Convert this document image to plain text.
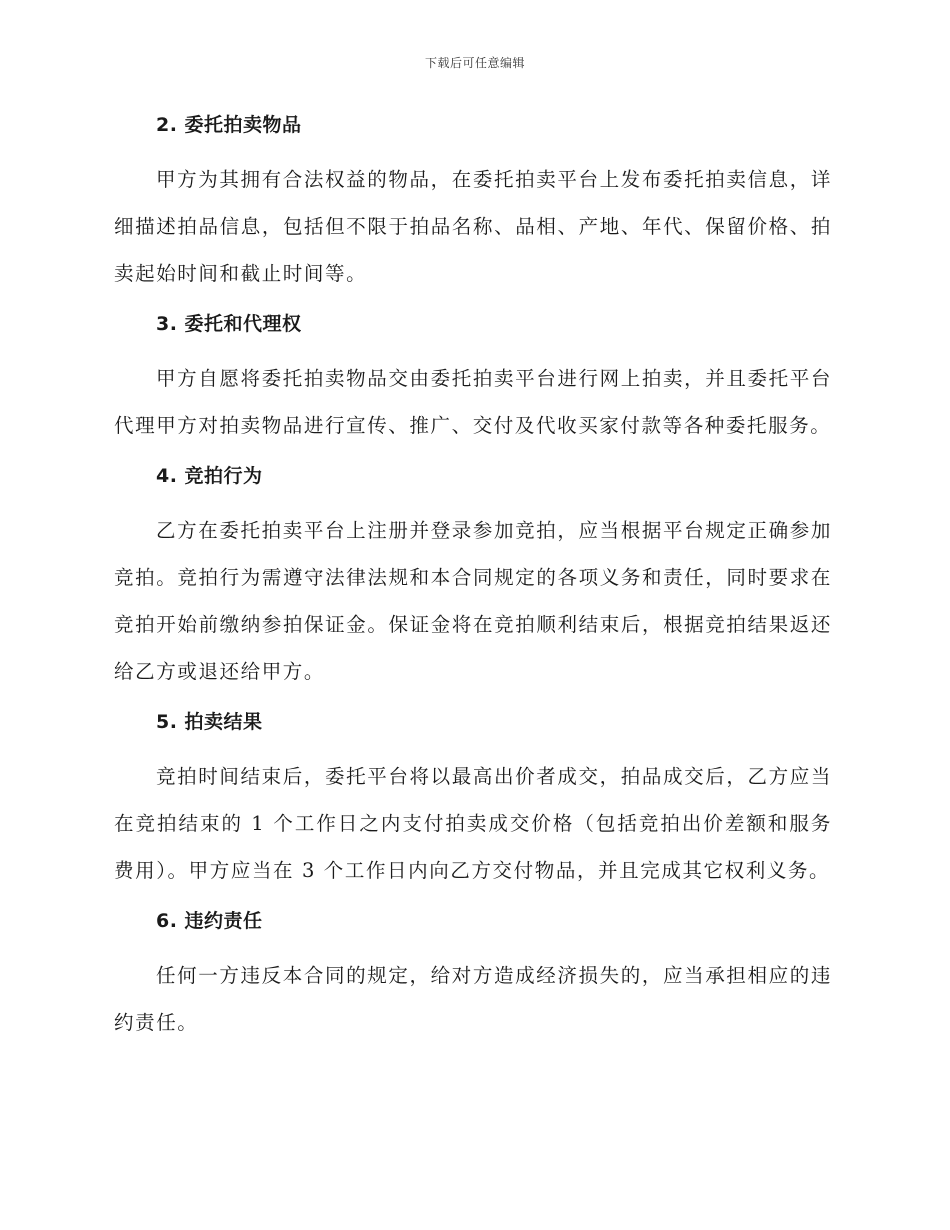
下载后可任意编辑
2. 委托拍卖物品

甲方为其拥有合法权益的物品，在委托拍卖平台上发布委托拍卖信息，详细描述拍品信息，包括但不限于拍品名称、品相、产地、年代、保留价格、拍卖起始时间和截止时间等。

3. 委托和代理权

甲方自愿将委托拍卖物品交由委托拍卖平台进行网上拍卖，并且委托平台代理甲方对拍卖物品进行宣传、推广、交付及代收买家付款等各种委托服务。

4. 竞拍行为

乙方在委托拍卖平台上注册并登录参加竞拍，应当根据平台规定正确参加竞拍。竞拍行为需遵守法律法规和本合同规定的各项义务和责任，同时要求在竞拍开始前缴纳参拍保证金。保证金将在竞拍顺利结束后，根据竞拍结果返还给乙方或退还给甲方。

5. 拍卖结果

竞拍时间结束后，委托平台将以最高出价者成交，拍品成交后，乙方应当在竞拍结束的 1 个工作日之内支付拍卖成交价格（包括竞拍出价差额和服务费用）。甲方应当在 3 个工作日内向乙方交付物品，并且完成其它权利义务。

6. 违约责任

任何一方违反本合同的规定，给对方造成经济损失的，应当承担相应的违约责任。
